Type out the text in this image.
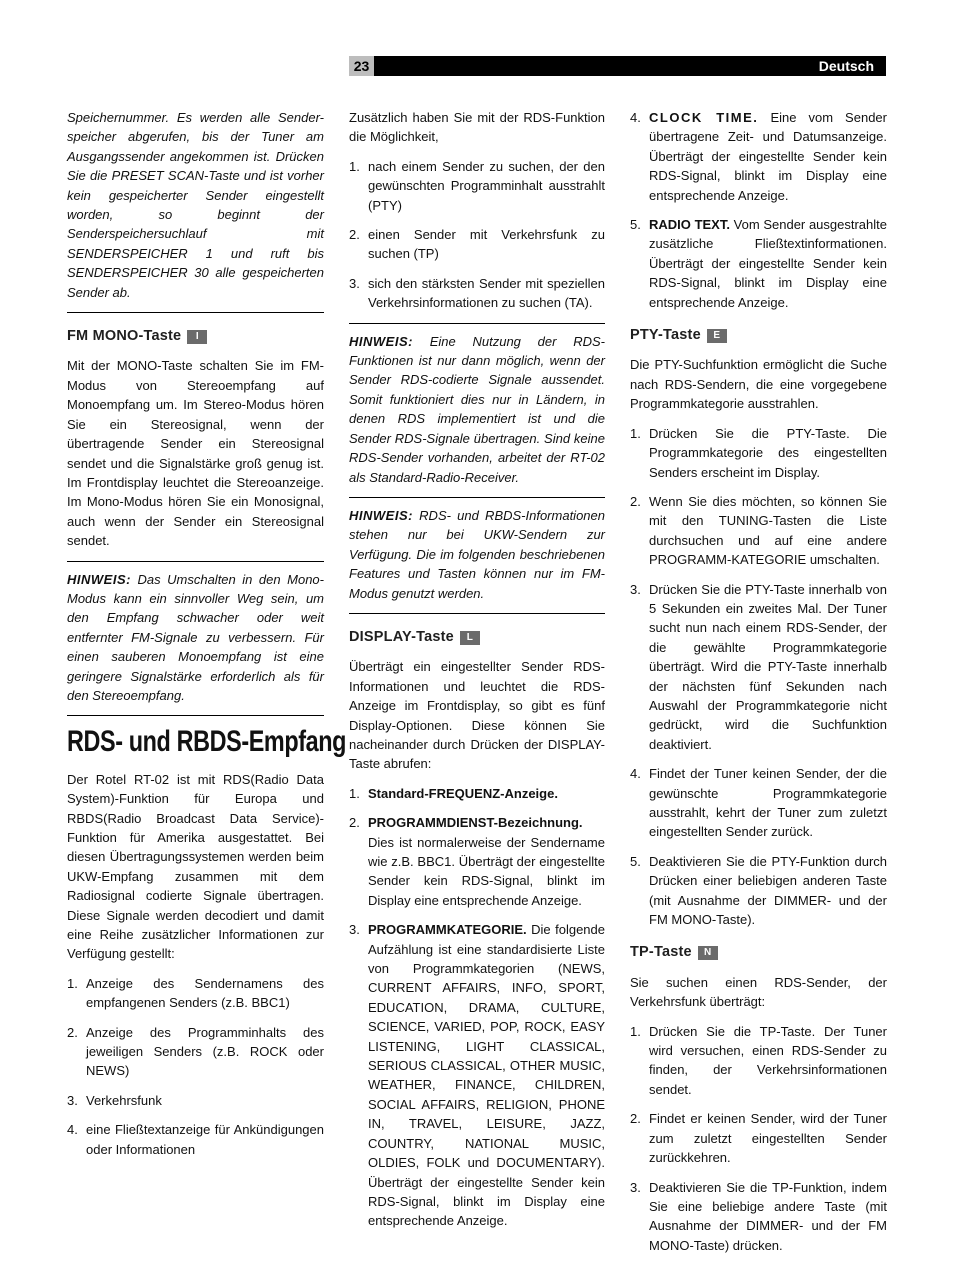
23	Deutsch

Speichernummer. Es werden alle Sender-speicher abgerufen, bis der Tuner am Ausgangssender angekommen ist. Drücken Sie die PRESET SCAN-Taste und ist vorher kein gespeicherter Sender eingestellt worden, so beginnt der Senderspeichersuchlauf mit SENDERSPEICHER 1 und ruft bis SENDERSPEICHER 30 alle gespeicherten Sender ab.

FM MONO-Taste I

Mit der MONO-Taste schalten Sie im FM-Modus von Stereoempfang auf Monoempfang um. Im Stereo-Modus hören Sie ein Stereosignal, wenn der übertragende Sender ein Stereosignal sendet und die Signalstärke groß genug ist. Im Frontdisplay leuchtet die Stereoanzeige. Im Mono-Modus hören Sie ein Monosignal, auch wenn der Sender ein Stereosignal sendet.

HINWEIS: Das Umschalten in den Mono-Modus kann ein sinnvoller Weg sein, um den Empfang schwacher oder weit entfernter FM-Signale zu verbessern. Für einen sauberen Monoempfang ist eine geringere Signalstärke erforderlich als für den Stereoempfang.

RDS- und RBDS-Empfang

Der Rotel RT-02 ist mit RDS(Radio Data System)-Funktion für Europa und RBDS(Radio Broadcast Data Service)-Funktion für Amerika ausgestattet. Bei diesen Übertragungssystemen werden beim UKW-Empfang zusammen mit dem Radiosignal codierte Signale übertragen. Diese Signale werden decodiert und damit eine Reihe zusätzlicher Informationen zur Verfügung gestellt:

1. Anzeige des Sendernamens des empfangenen Senders (z.B. BBC1)
2. Anzeige des Programminhalts des jeweiligen Senders (z.B. ROCK oder NEWS)
3. Verkehrsfunk
4. eine Fließtextanzeige für Ankündigungen oder Informationen

Zusätzlich haben Sie mit der RDS-Funktion die Möglichkeit,

1. nach einem Sender zu suchen, der den gewünschten Programminhalt ausstrahlt (PTY)
2. einen Sender mit Verkehrsfunk zu suchen (TP)
3. sich den stärksten Sender mit speziellen Verkehrsinformationen zu suchen (TA).

HINWEIS: Eine Nutzung der RDS-Funktionen ist nur dann möglich, wenn der Sender RDS-codierte Signale aussendet. Somit funktioniert dies nur in Ländern, in denen RDS implementiert ist und die Sender RDS-Signale übertragen. Sind keine RDS-Sender vorhanden, arbeitet der RT-02 als Standard-Radio-Receiver.

HINWEIS: RDS- und RBDS-Informationen stehen nur bei UKW-Sendern zur Verfügung. Die im folgenden beschriebenen Features und Tasten können nur im FM-Modus genutzt werden.

DISPLAY-Taste L

Überträgt ein eingestellter Sender RDS-Informationen und leuchtet die RDS-Anzeige im Frontdisplay, so gibt es fünf Display-Optionen. Diese können Sie nacheinander durch Drücken der DISPLAY-Taste abrufen:

1. Standard-FREQUENZ-Anzeige.
2. PROGRAMMDIENST-Bezeichnung. Dies ist normalerweise der Sendername wie z.B. BBC1. Überträgt der eingestellte Sender kein RDS-Signal, blinkt im Display eine entsprechende Anzeige.
3. PROGRAMMKATEGORIE. Die folgende Aufzählung ist eine standardisierte Liste von Programmkategorien (NEWS, CURRENT AFFAIRS, INFO, SPORT, EDUCATION, DRAMA, CULTURE, SCIENCE, VARIED, POP, ROCK, EASY LISTENING, LIGHT CLASSICAL, SERIOUS CLASSICAL, OTHER MUSIC, WEATHER, FINANCE, CHILDREN, SOCIAL AFFAIRS, RELIGION, PHONE IN, TRAVEL, LEISURE, JAZZ, COUNTRY, NATIONAL MUSIC, OLDIES, FOLK und DOCUMENTARY). Überträgt der eingestellte Sender kein RDS-Signal, blinkt im Display eine entsprechende Anzeige.
4. CLOCK TIME. Eine vom Sender übertragene Zeit- und Datumsanzeige. Überträgt der eingestellte Sender kein RDS-Signal, blinkt im Display eine entsprechende Anzeige.
5. RADIO TEXT. Vom Sender ausgestrahlte zusätzliche Fließtextinformationen. Überträgt der eingestellte Sender kein RDS-Signal, blinkt im Display eine entsprechende Anzeige.
PTY-Taste E

Die PTY-Suchfunktion ermöglicht die Suche nach RDS-Sendern, die eine vorgegebene Programmkategorie ausstrahlen.

1. Drücken Sie die PTY-Taste. Die Programmkategorie des eingestellten Senders erscheint im Display.
2. Wenn Sie dies möchten, so können Sie mit den TUNING-Tasten die Liste durchsuchen und auf eine andere PROGRAMM-KATEGORIE umschalten.
3. Drücken Sie die PTY-Taste innerhalb von 5 Sekunden ein zweites Mal. Der Tuner sucht nun nach einem RDS-Sender, der die gewählte Programmkategorie überträgt. Wird die PTY-Taste innerhalb der nächsten fünf Sekunden nach Auswahl der Programmkategorie nicht gedrückt, wird die Suchfunktion deaktiviert.
4. Findet der Tuner keinen Sender, der die gewünschte Programmkategorie ausstrahlt, kehrt der Tuner zum zuletzt eingestellten Sender zurück.
5. Deaktivieren Sie die PTY-Funktion durch Drücken einer beliebigen anderen Taste (mit Ausnahme der DIMMER- und der FM MONO-Taste).
TP-Taste N

Sie suchen einen RDS-Sender, der Verkehrsfunk überträgt:

1. Drücken Sie die TP-Taste. Der Tuner wird versuchen, einen RDS-Sender zu finden, der Verkehrsinformationen sendet.
2. Findet er keinen Sender, wird der Tuner zum zuletzt eingestellten Sender zurückkehren.
3. Deaktivieren Sie die TP-Funktion, indem Sie eine beliebige andere Taste (mit Ausnahme der DIMMER- und der FM MONO-Taste) drücken.
